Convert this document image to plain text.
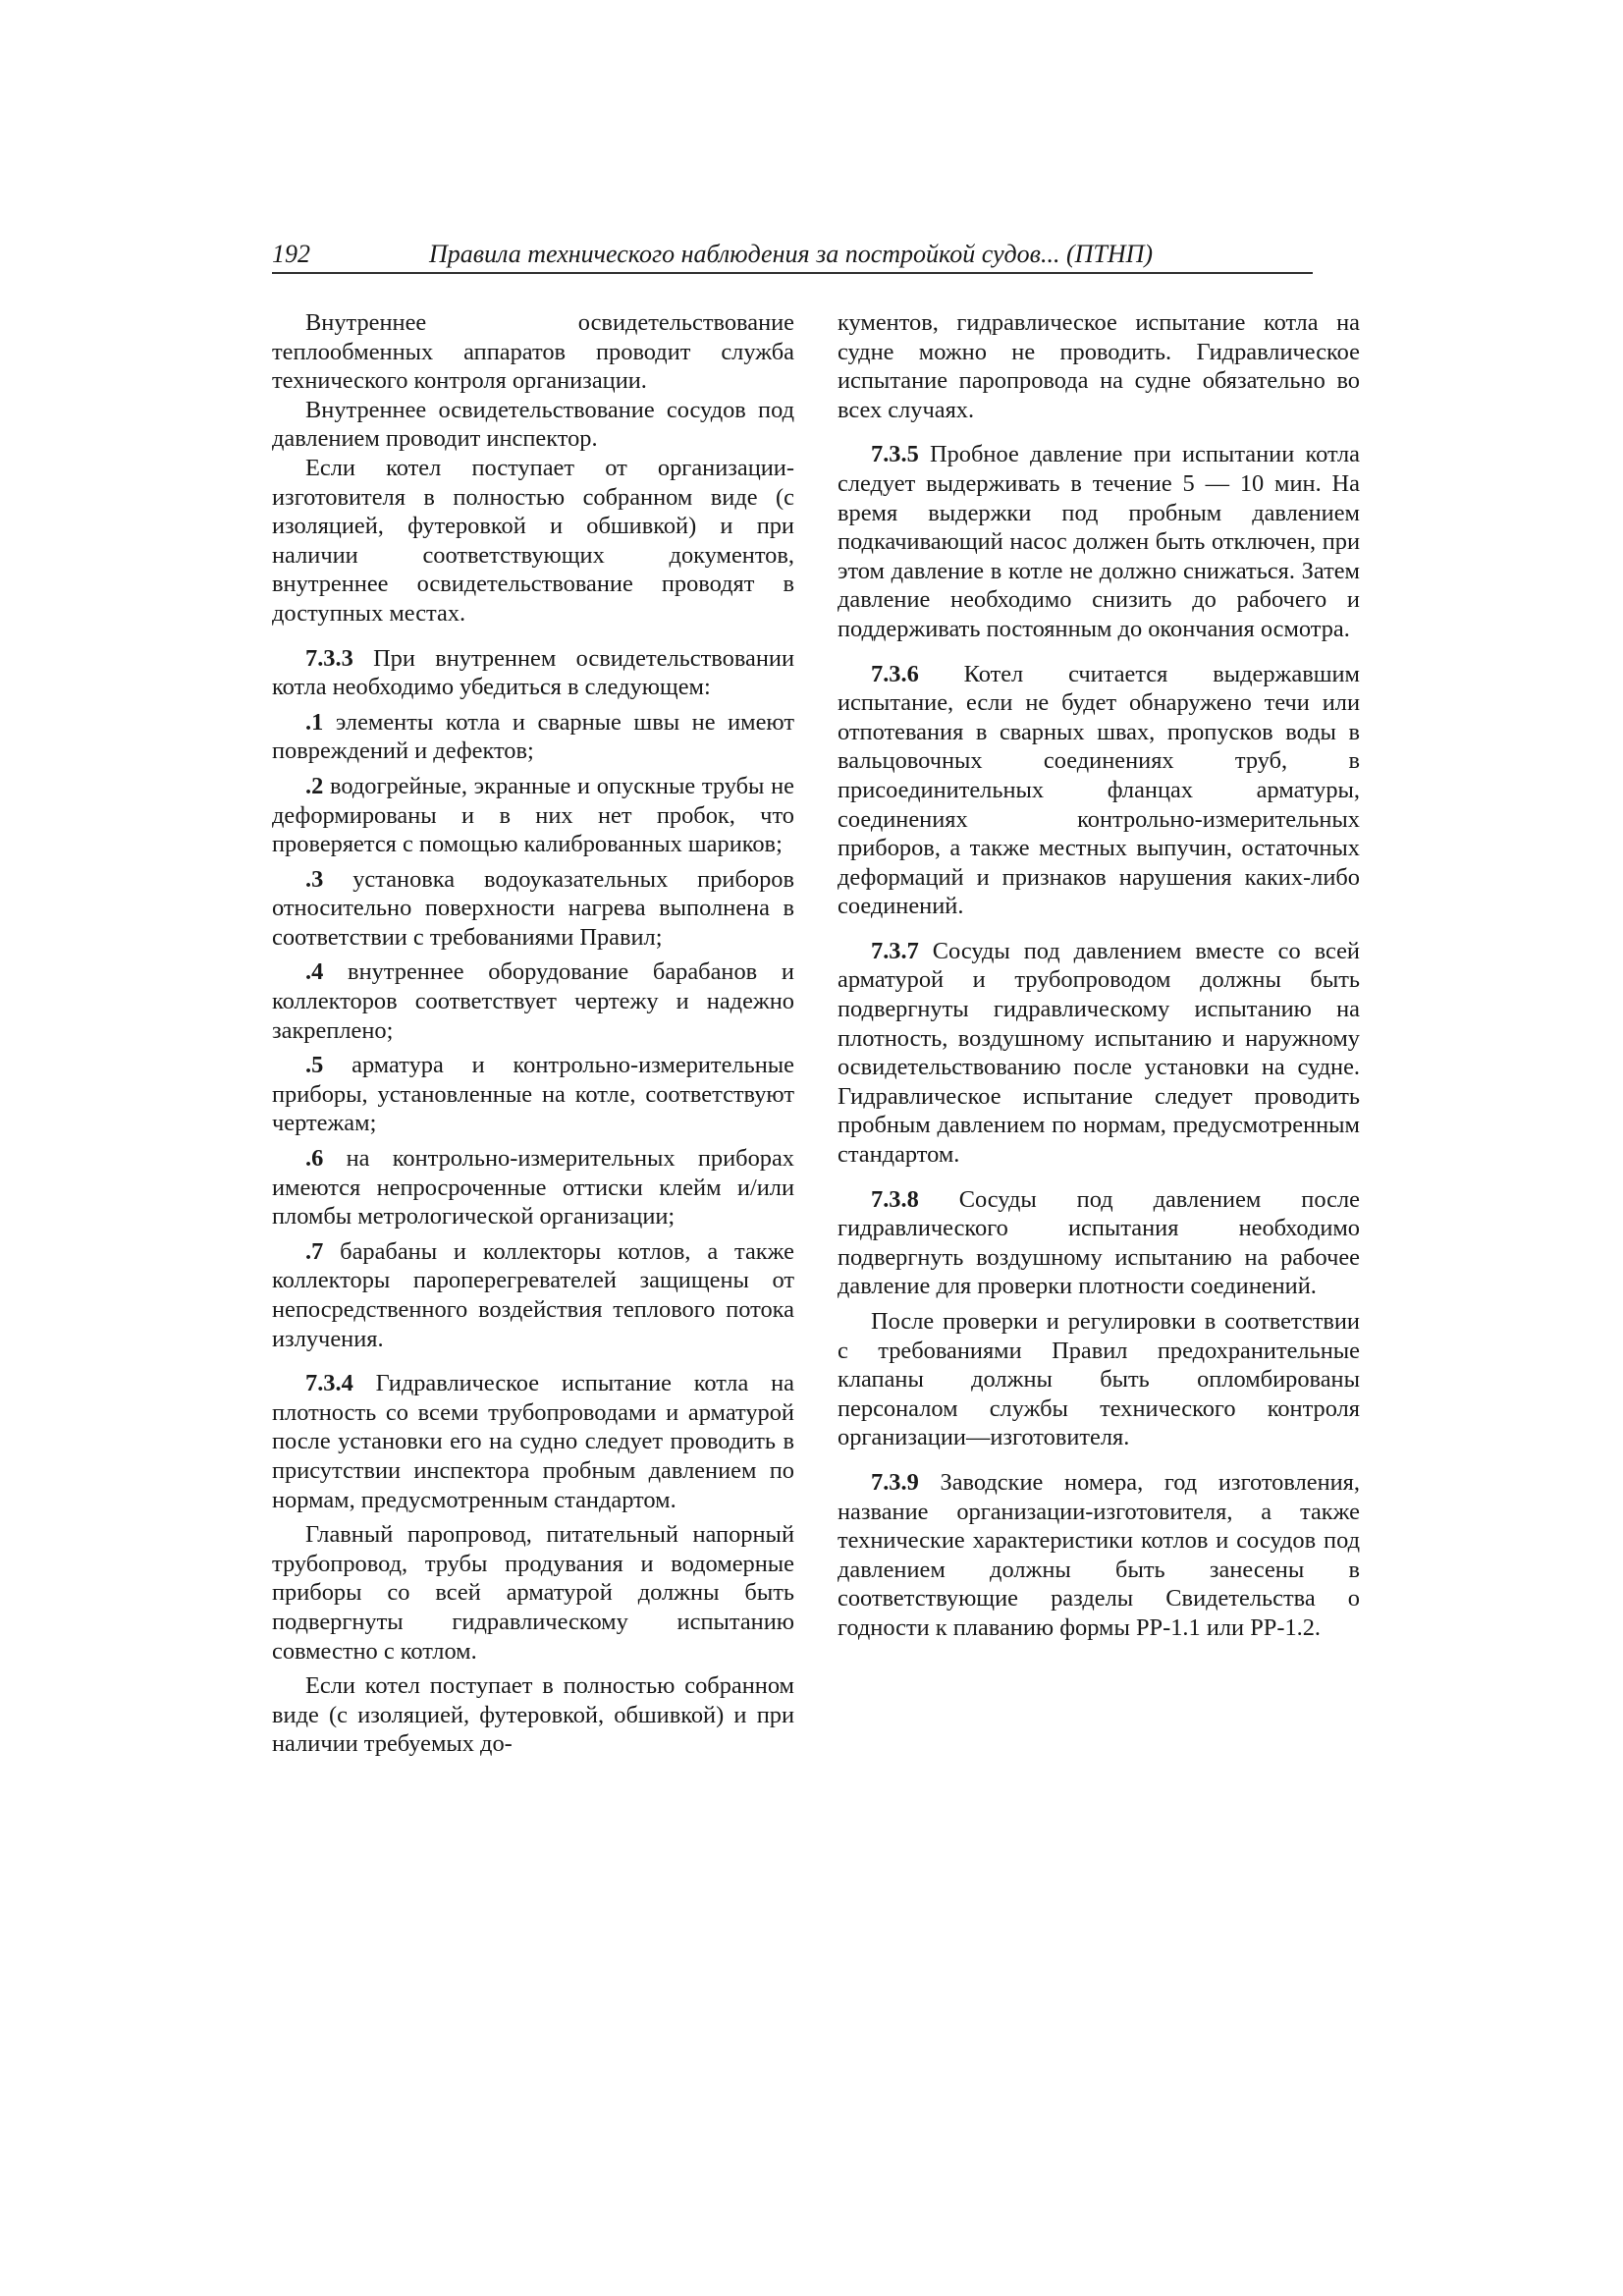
192	Правила технического наблюдения за постройкой судов... (ПТНП)

Внутреннее освидетельствование теплообменных аппаратов проводит служба технического контроля организации.

Внутреннее освидетельствование сосудов под давлением проводит инспектор.

Если котел поступает от организации-изготовителя в полностью собранном виде (с изоляцией, футеровкой и обшивкой) и при наличии соответствующих документов, внутреннее освидетельствование проводят в доступных местах.

7.3.3 При внутреннем освидетельствовании котла необходимо убедиться в следующем:

.1 элементы котла и сварные швы не имеют повреждений и дефектов;

.2 водогрейные, экранные и опускные трубы не деформированы и в них нет пробок, что проверяется с помощью калиброванных шариков;

.3 установка водоуказательных приборов относительно поверхности нагрева выполнена в соответствии с требованиями Правил;

.4 внутреннее оборудование барабанов и коллекторов соответствует чертежу и надежно закреплено;

.5 арматура и контрольно-измерительные приборы, установленные на котле, соответствуют чертежам;

.6 на контрольно-измерительных приборах имеются непросроченные оттиски клейм и/или пломбы метрологической организации;

.7 барабаны и коллекторы котлов, а также коллекторы пароперегревателей защищены от непосредственного воздействия теплового потока излучения.

7.3.4 Гидравлическое испытание котла на плотность со всеми трубопроводами и арматурой после установки его на судно следует проводить в присутствии инспектора пробным давлением по нормам, предусмотренным стандартом.

Главный паропровод, питательный напорный трубопровод, трубы продувания и водомерные приборы со всей арматурой должны быть подвергнуты гидравлическому испытанию совместно с котлом.

Если котел поступает в полностью собранном виде (с изоляцией, футеровкой, обшивкой) и при наличии требуемых до-

кументов, гидравлическое испытание котла на судне можно не проводить. Гидравлическое испытание паропровода на судне обязательно во всех случаях.

7.3.5 Пробное давление при испытании котла следует выдерживать в течение 5 — 10 мин. На время выдержки под пробным давлением подкачивающий насос должен быть отключен, при этом давление в котле не должно снижаться. Затем давление необходимо снизить до рабочего и поддерживать постоянным до окончания осмотра.

7.3.6 Котел считается выдержавшим испытание, если не будет обнаружено течи или отпотевания в сварных швах, пропусков воды в вальцовочных соединениях труб, в присоединительных фланцах арматуры, соединениях контрольно-измерительных приборов, а также местных выпучин, остаточных деформаций и признаков нарушения каких-либо соединений.

7.3.7 Сосуды под давлением вместе со всей арматурой и трубопроводом должны быть подвергнуты гидравлическому испытанию на плотность, воздушному испытанию и наружному освидетельствованию после установки на судне. Гидравлическое испытание следует проводить пробным давлением по нормам, предусмотренным стандартом.

7.3.8 Сосуды под давлением после гидравлического испытания необходимо подвергнуть воздушному испытанию на рабочее давление для проверки плотности соединений.

После проверки и регулировки в соответствии с требованиями Правил предохранительные клапаны должны быть опломбированы персоналом службы технического контроля организации—изготовителя.

7.3.9 Заводские номера, год изготовления, название организации-изготовителя, а также технические характеристики котлов и сосудов под давлением должны быть занесены в соответствующие разделы Свидетельства о годности к плаванию формы РР-1.1 или РР-1.2.
